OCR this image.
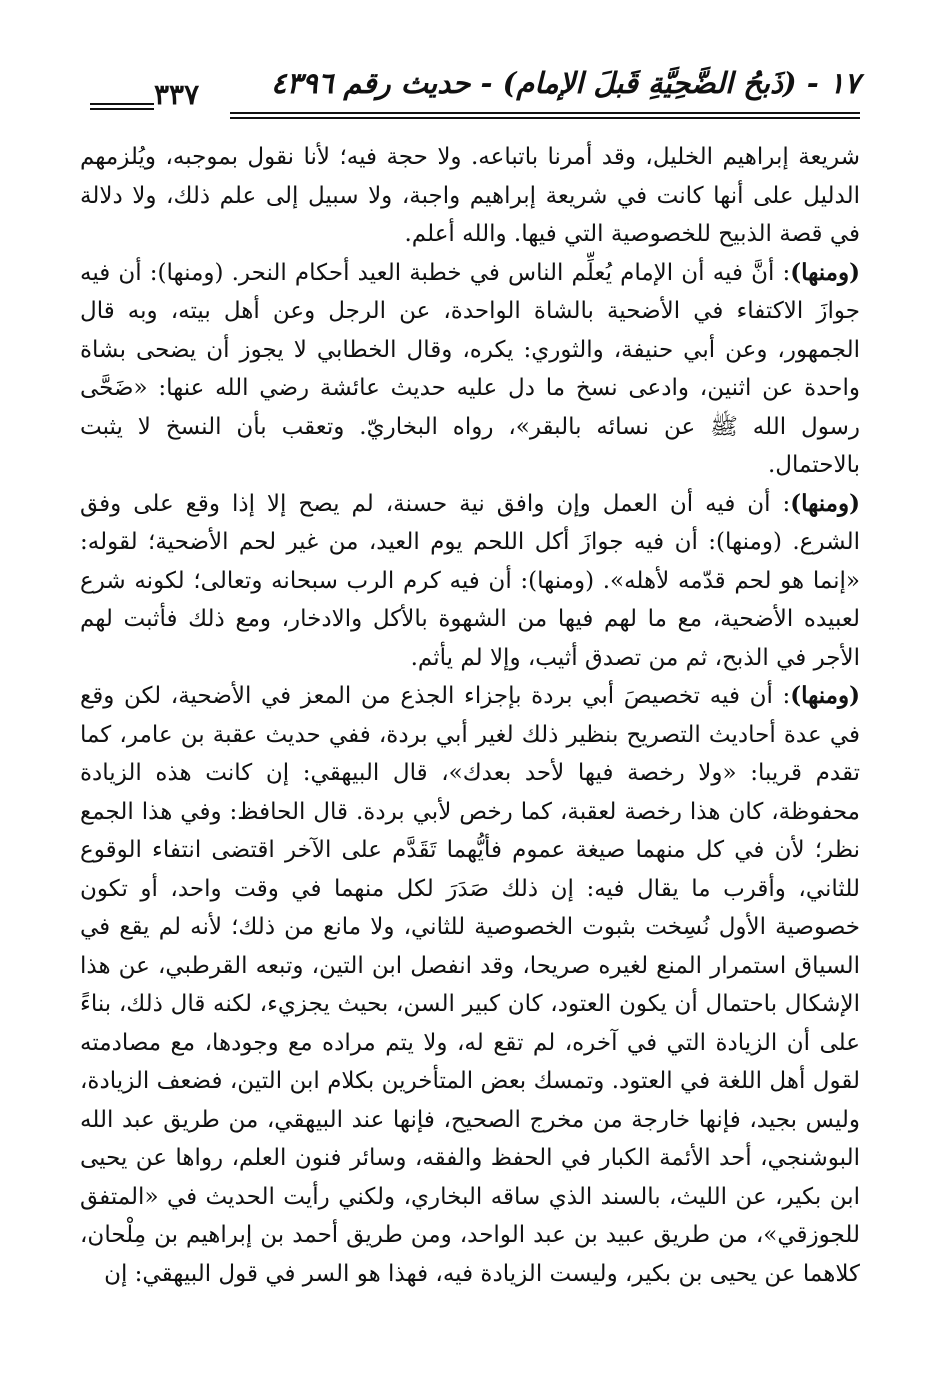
١٧ - (ذَبحُ الضَّحِيَّةِ قَبلَ الإمام) - حديث رقم ٤٣٩٦
٣٣٧

شريعة إبراهيم الخليل، وقد أمرنا باتباعه. ولا حجة فيه؛ لأنا نقول بموجبه، ويُلزمهم الدليل على أنها كانت في شريعة إبراهيم واجبة، ولا سبيل إلى علم ذلك، ولا دلالة في قصة الذبيح للخصوصية التي فيها. والله أعلم.

(ومنها): أنَّ فيه أن الإمام يُعلِّم الناس في خطبة العيد أحكام النحر. (ومنها): أن فيه جوازَ الاكتفاء في الأضحية بالشاة الواحدة، عن الرجل وعن أهل بيته، وبه قال الجمهور، وعن أبي حنيفة، والثوري: يكره، وقال الخطابي لا يجوز أن يضحى بشاة واحدة عن اثنين، وادعى نسخ ما دل عليه حديث عائشة رضي الله عنها: «ضَحَّى رسول الله ﷺ عن نسائه بالبقر»، رواه البخاريّ. وتعقب بأن النسخ لا يثبت بالاحتمال.

(ومنها): أن فيه أن العمل وإن وافق نية حسنة، لم يصح إلا إذا وقع على وفق الشرع. (ومنها): أن فيه جوازَ أكل اللحم يوم العيد، من غير لحم الأضحية؛ لقوله: «إنما هو لحم قدّمه لأهله». (ومنها): أن فيه كرم الرب سبحانه وتعالى؛ لكونه شرع لعبيده الأضحية، مع ما لهم فيها من الشهوة بالأكل والادخار، ومع ذلك فأثبت لهم الأجر في الذبح، ثم من تصدق أثيب، وإلا لم يأثم.

(ومنها): أن فيه تخصيصَ أبي بردة بإجزاء الجذع من المعز في الأضحية، لكن وقع في عدة أحاديث التصريح بنظير ذلك لغير أبي بردة، ففي حديث عقبة بن عامر، كما تقدم قريبا: «ولا رخصة فيها لأحد بعدك»، قال البيهقي: إن كانت هذه الزيادة محفوظة، كان هذا رخصة لعقبة، كما رخص لأبي بردة. قال الحافظ: وفي هذا الجمع نظر؛ لأن في كل منهما صيغة عموم فأيُّهما تَقَدَّم على الآخر اقتضى انتفاء الوقوع للثاني، وأقرب ما يقال فيه: إن ذلك صَدَرَ لكل منهما في وقت واحد، أو تكون خصوصية الأول نُسِخت بثبوت الخصوصية للثاني، ولا مانع من ذلك؛ لأنه لم يقع في السياق استمرار المنع لغيره صريحا، وقد انفصل ابن التين، وتبعه القرطبي، عن هذا الإشكال باحتمال أن يكون العتود، كان كبير السن، بحيث يجزيء، لكنه قال ذلك، بناءً على أن الزيادة التي في آخره، لم تقع له، ولا يتم مراده مع وجودها، مع مصادمته لقول أهل اللغة في العتود. وتمسك بعض المتأخرين بكلام ابن التين، فضعف الزيادة، وليس بجيد، فإنها خارجة من مخرج الصحيح، فإنها عند البيهقي، من طريق عبد الله البوشنجي، أحد الأئمة الكبار في الحفظ والفقه، وسائر فنون العلم، رواها عن يحيى ابن بكير، عن الليث، بالسند الذي ساقه البخاري، ولكني رأيت الحديث في «المتفق للجوزقي»، من طريق عبيد بن عبد الواحد، ومن طريق أحمد بن إبراهيم بن مِلْحان، كلاهما عن يحيى بن بكير، وليست الزيادة فيه، فهذا هو السر في قول البيهقي: إن
